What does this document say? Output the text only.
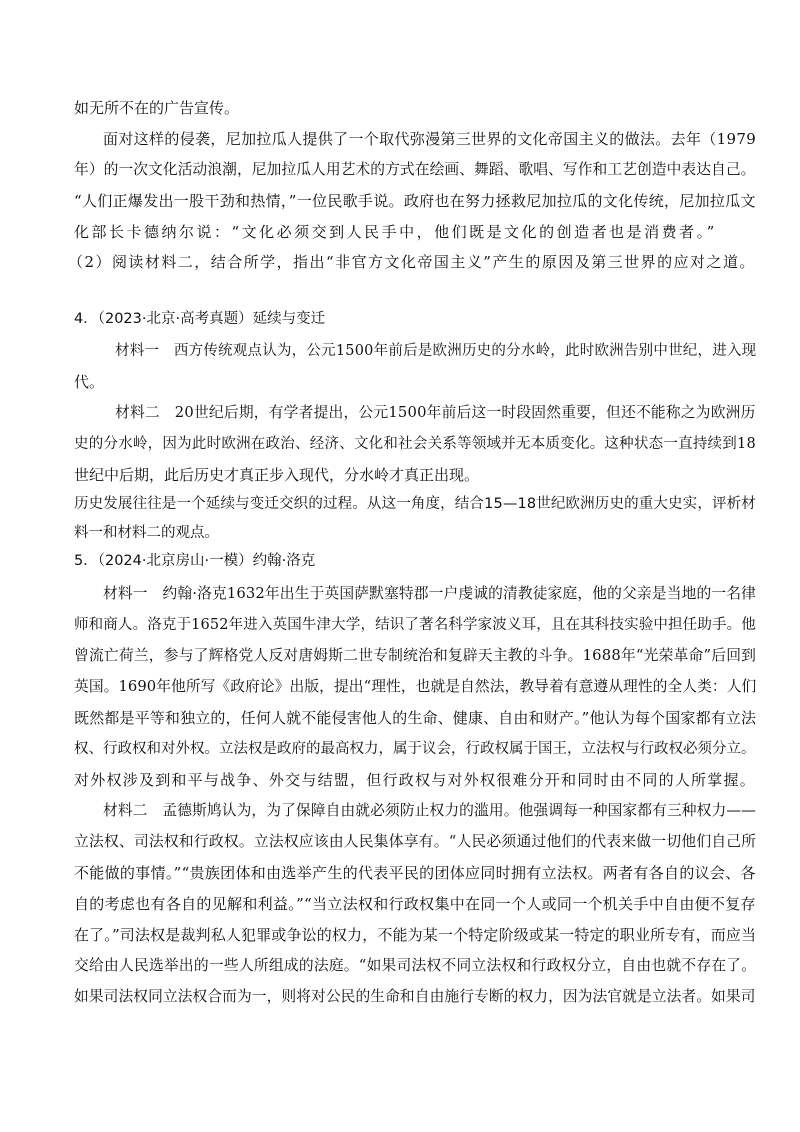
如无所不在的广告宣传。
面对这样的侵袭，尼加拉瓜人提供了一个取代弥漫第三世界的文化帝国主义的做法。去年（1979
年）的一次文化活动浪潮，尼加拉瓜人用艺术的方式在绘画、舞蹈、歌唱、写作和工艺创造中表达自己。
“人们正爆发出一股干劲和热情，”一位民歌手说。政府也在努力拯救尼加拉瓜的文化传统，尼加拉瓜文
化部长卡德纳尔说：“文化必须交到人民手中，他们既是文化的创造者也是消费者。”
（2）阅读材料二，结合所学，指出“非官方文化帝国主义”产生的原因及第三世界的应对之道。
4．（2023·北京·高考真题）延续与变迁
材料一　西方传统观点认为，公元1500年前后是欧洲历史的分水岭，此时欧洲告别中世纪，进入现
代。
材料二　20世纪后期，有学者提出，公元1500年前后这一时段固然重要，但还不能称之为欧洲历
史的分水岭，因为此时欧洲在政治、经济、文化和社会关系等领域并无本质变化。这种状态一直持续到18
世纪中后期，此后历史才真正步入现代，分水岭才真正出现。
历史发展往往是一个延续与变迁交织的过程。从这一角度，结合15—18世纪欧洲历史的重大史实，评析材
料一和材料二的观点。
5．（2024·北京房山·一模）约翰·洛克
材料一　约翰·洛克1632年出生于英国萨默塞特郡一户虔诚的清教徒家庭，他的父亲是当地的一名律
师和商人。洛克于1652年进入英国牛津大学，结识了著名科学家波义耳，且在其科技实验中担任助手。他
曾流亡荷兰，参与了辉格党人反对唐姆斯二世专制统治和复辟天主教的斗争。1688年“光荣革命”后回到
英国。1690年他所写《政府论》出版，提出“理性，也就是自然法，教导着有意遵从理性的全人类：人们
既然都是平等和独立的，任何人就不能侵害他人的生命、健康、自由和财产。”他认为每个国家都有立法
权、行政权和对外权。立法权是政府的最高权力，属于议会，行政权属于国王，立法权与行政权必须分立。
对外权涉及到和平与战争、外交与结盟，但行政权与对外权很难分开和同时由不同的人所掌握。
材料二　孟德斯鸠认为，为了保障自由就必须防止权力的滥用。他强调每一种国家都有三种权力——
立法权、司法权和行政权。立法权应该由人民集体享有。“人民必须通过他们的代表来做一切他们自己所
不能做的事情。”“贵族团体和由选举产生的代表平民的团体应同时拥有立法权。两者有各自的议会、各
自的考虑也有各自的见解和利益。”“当立法权和行政权集中在同一个人或同一个机关手中自由便不复存
在了。”司法权是裁判私人犯罪或争讼的权力，不能为某一个特定阶级或某一特定的职业所专有，而应当
交给由人民选举出的一些人所组成的法庭。“如果司法权不同立法权和行政权分立，自由也就不存在了。
如果司法权同立法权合而为一，则将对公民的生命和自由施行专断的权力，因为法官就是立法者。如果司
